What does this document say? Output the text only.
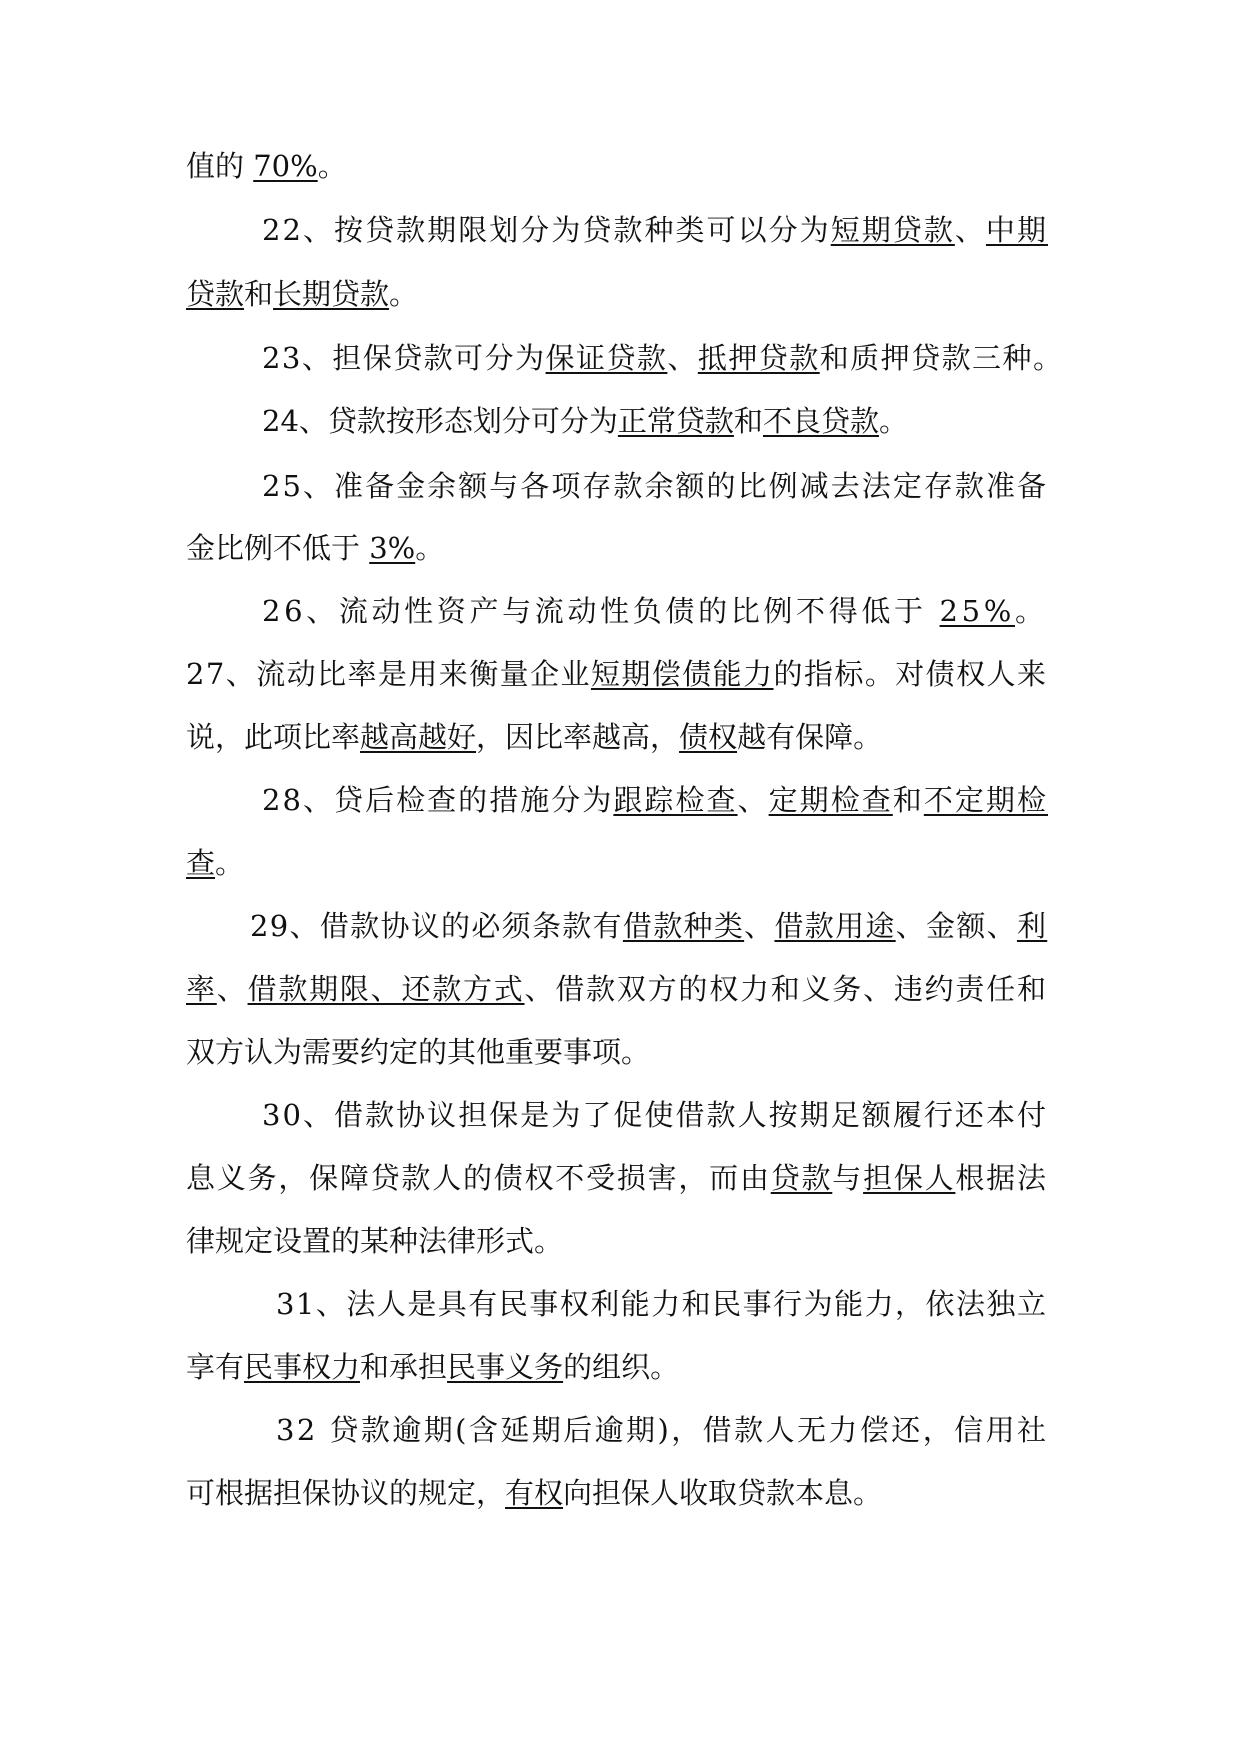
值的 70%。
22、按贷款期限划分为贷款种类可以分为短期贷款、中期
贷款和长期贷款。
23、担保贷款可分为保证贷款、抵押贷款和质押贷款三种。
24、贷款按形态划分可分为正常贷款和不良贷款。
25、准备金余额与各项存款余额的比例减去法定存款准备
金比例不低于 3%。
26、流动性资产与流动性负债的比例不得低于 25%。
27、流动比率是用来衡量企业短期偿债能力的指标。对债权人来
说，此项比率越高越好，因比率越高，债权越有保障。
28、贷后检查的措施分为跟踪检查、定期检查和不定期检
查。
29、借款协议的必须条款有借款种类、借款用途、金额、利
率、借款期限、还款方式、借款双方的权力和义务、违约责任和
双方认为需要约定的其他重要事项。
30、借款协议担保是为了促使借款人按期足额履行还本付
息义务，保障贷款人的债权不受损害，而由贷款与担保人根据法
律规定设置的某种法律形式。
31、法人是具有民事权利能力和民事行为能力，依法独立
享有民事权力和承担民事义务的组织。
32 贷款逾期(含延期后逾期)，借款人无力偿还，信用社
可根据担保协议的规定，有权向担保人收取贷款本息。
